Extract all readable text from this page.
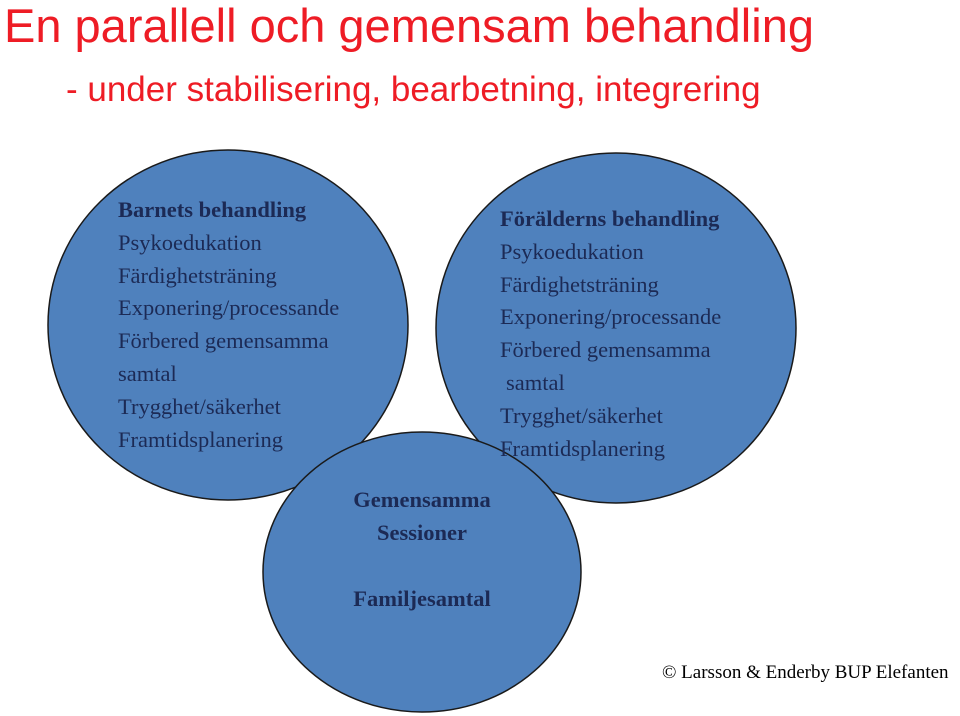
En parallell och gemensam behandling
- under stabilisering, bearbetning, integrering
Barnets behandling
Psykoedukation
Färdighetsträning
Exponering/processande
Förbered gemensamma
samtal
Trygghet/säkerhet
Framtidsplanering
Förälderns behandling
Psykoedukation
Färdighetsträning
Exponering/processande
Förbered gemensamma
samtal
Trygghet/säkerhet
Framtidsplanering
Gemensamma
Sessioner
Familjesamtal
© Larsson & Enderby BUP Elefanten
